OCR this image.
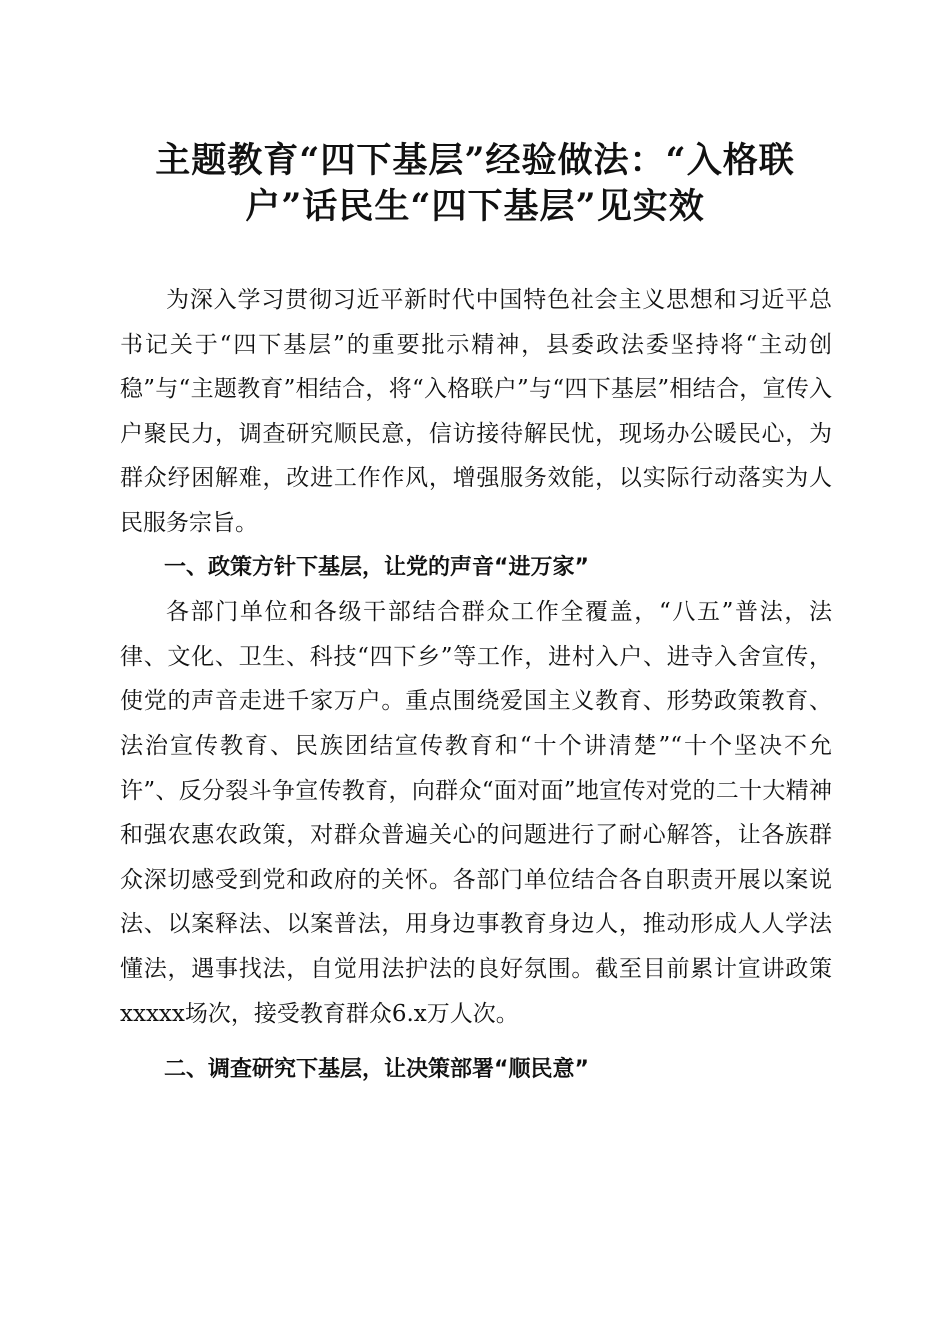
主题教育“四下基层”经验做法：“入格联
户”话民生“四下基层”见实效

为深入学习贯彻习近平新时代中国特色社会主义思想和习近平总书记关于“四下基层”的重要批示精神，县委政法委坚持将“主动创稳”与“主题教育”相结合，将“入格联户”与“四下基层”相结合，宣传入户聚民力，调查研究顺民意，信访接待解民忧，现场办公暖民心，为群众纾困解难，改进工作作风，增强服务效能，以实际行动落实为人民服务宗旨。

一、政策方针下基层，让党的声音“进万家”

各部门单位和各级干部结合群众工作全覆盖，“八五”普法，法律、文化、卫生、科技“四下乡”等工作，进村入户、进寺入舍宣传，使党的声音走进千家万户。重点围绕爱国主义教育、形势政策教育、法治宣传教育、民族团结宣传教育和“十个讲清楚”“十个坚决不允许”、反分裂斗争宣传教育，向群众“面对面”地宣传对党的二十大精神和强农惠农政策，对群众普遍关心的问题进行了耐心解答，让各族群众深切感受到党和政府的关怀。各部门单位结合各自职责开展以案说法、以案释法、以案普法，用身边事教育身边人，推动形成人人学法懂法，遇事找法，自觉用法护法的良好氛围。截至目前累计宣讲政策xxxxx场次，接受教育群众6.x万人次。

二、调查研究下基层，让决策部署“顺民意”
